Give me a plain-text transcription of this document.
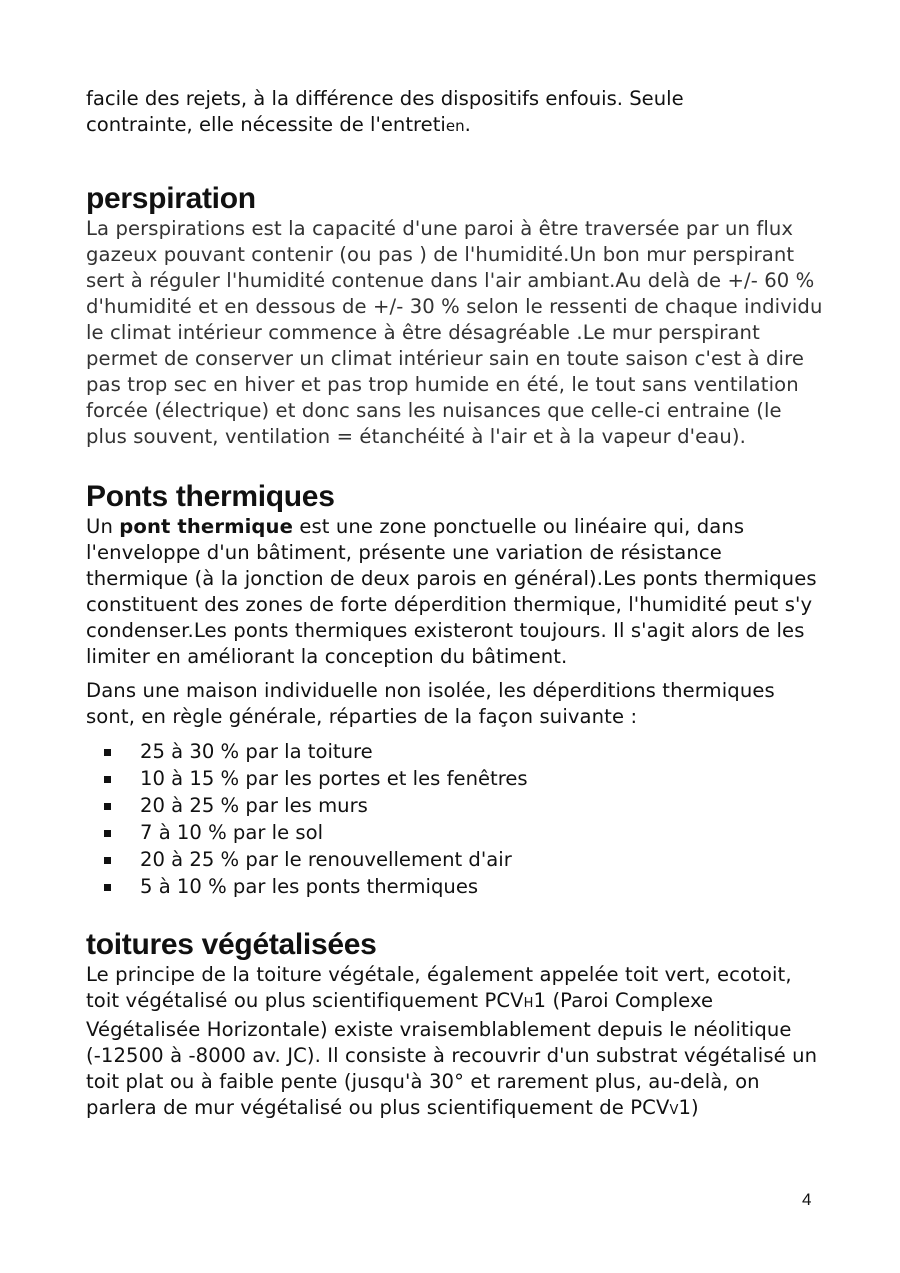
facile des rejets, à la différence des dispositifs enfouis. Seule
contrainte, elle nécessite de l'entretien.

perspiration

La perspirations est la capacité d'une paroi à être traversée par un flux gazeux pouvant contenir (ou pas ) de l'humidité.Un bon mur perspirant sert à réguler l'humidité contenue dans l'air ambiant.Au delà de +/- 60 % d'humidité et en dessous de +/- 30 % selon le ressenti de chaque individu le climat intérieur commence à être désagréable .Le mur perspirant permet de conserver un climat intérieur sain en toute saison c'est à dire pas trop sec en hiver et pas trop humide en été, le tout sans ventilation forcée (électrique) et donc sans les nuisances que celle-ci entraine (le plus souvent, ventilation = étanchéité à l'air et à la vapeur d'eau).

Ponts thermiques

Un pont thermique est une zone ponctuelle ou linéaire qui, dans l'enveloppe d'un bâtiment, présente une variation de résistance thermique (à la jonction de deux parois en général).Les ponts thermiques constituent des zones de forte déperdition thermique, l'humidité peut s'y condenser.Les ponts thermiques existeront toujours. Il s'agit alors de les limiter en améliorant la conception du bâtiment.

Dans une maison individuelle non isolée, les déperditions thermiques sont, en règle générale, réparties de la façon suivante :

25 à 30 % par la toiture
10 à 15 % par les portes et les fenêtres
20 à 25 % par les murs
7 à 10 % par le sol
20 à 25 % par le renouvellement d'air
5 à 10 % par les ponts thermiques
toitures végétalisées

Le principe de la toiture végétale, également appelée toit vert, ecotoit, toit végétalisé ou plus scientifiquement PCVH1 (Paroi Complexe Végétalisée Horizontale) existe vraisemblablement depuis le néolitique (-12500 à -8000 av. JC). Il consiste à recouvrir d'un substrat végétalisé un toit plat ou à faible pente (jusqu'à 30° et rarement plus, au-delà, on parlera de mur végétalisé ou plus scientifiquement de PCVV1)

4
